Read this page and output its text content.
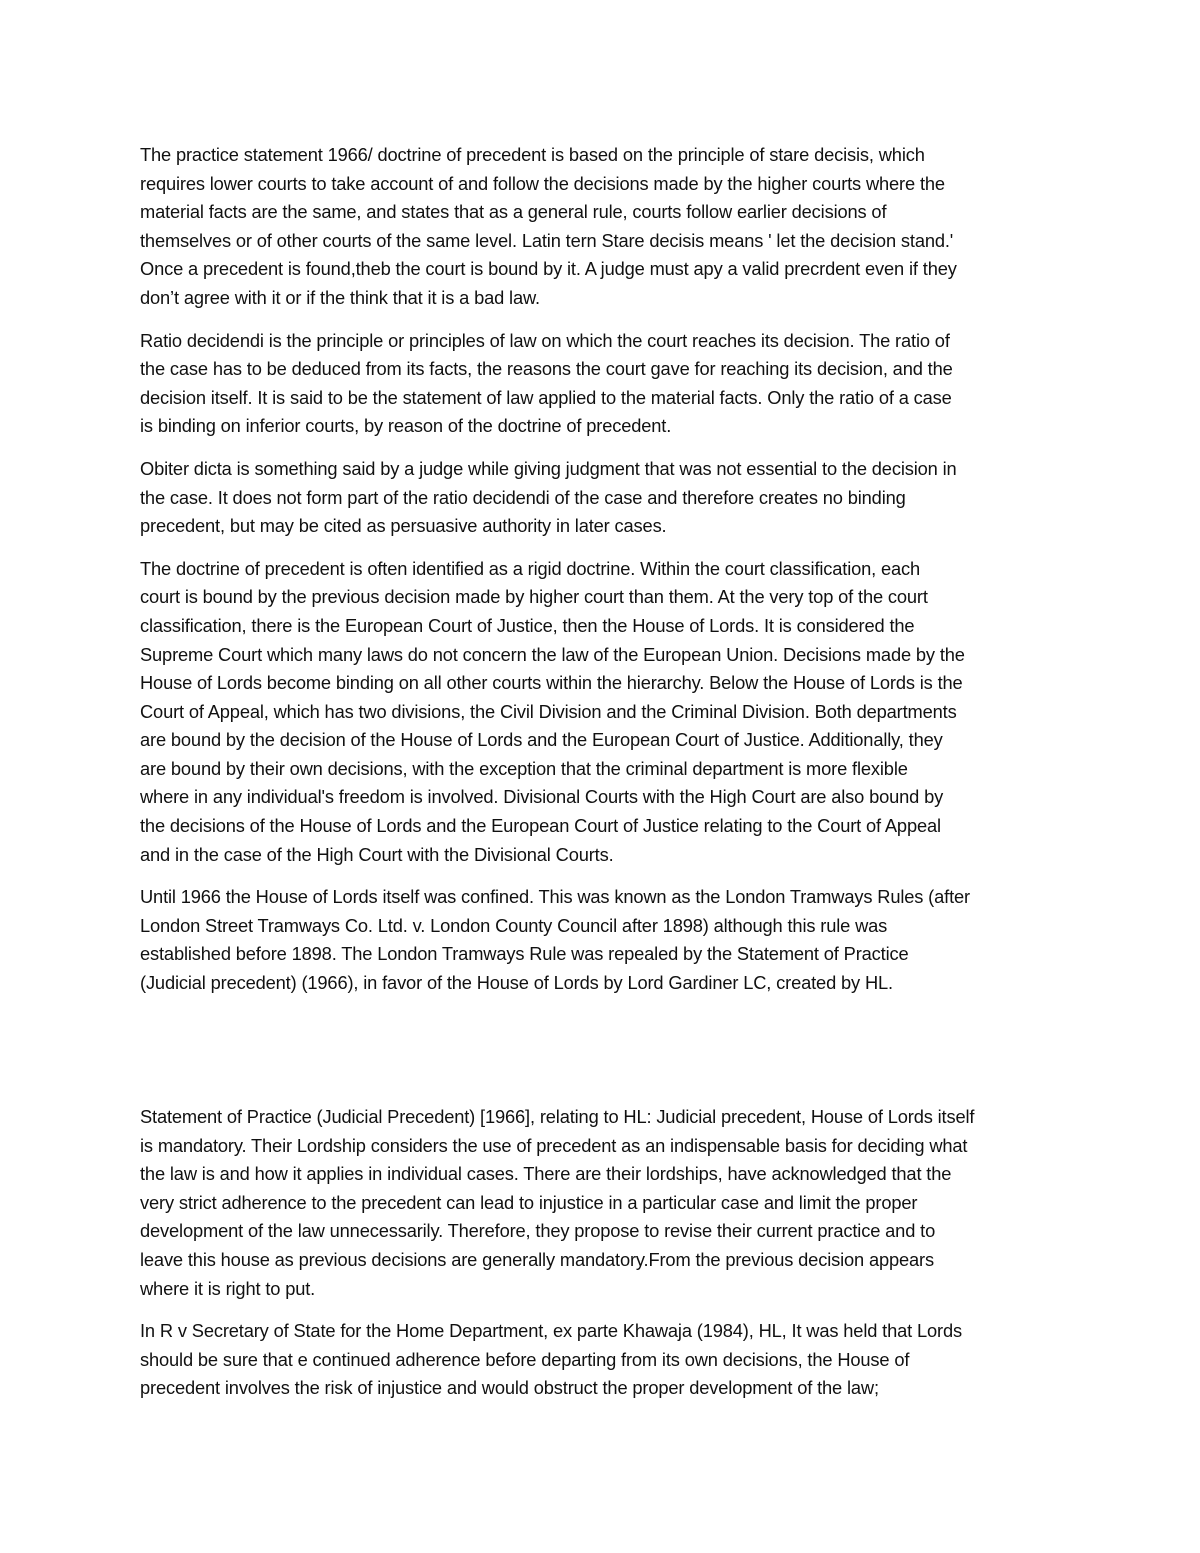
The practice statement 1966/ doctrine of precedent is based on the principle of stare decisis, which

requires lower courts to take account of and follow the decisions made by the higher courts where the

material facts are the same, and states that as a general rule, courts follow earlier decisions of

themselves or of other courts of the same level. Latin tern Stare decisis means ' let the decision stand.'

Once a precedent is found,theb the court is bound by it. A judge must apy a valid precrdent even if they

don’t agree with it or if the think that it is a bad law.

Ratio decidendi is the principle or principles of law on which the court reaches its decision. The ratio of

the case has to be deduced from its facts, the reasons the court gave for reaching its decision, and the

decision itself. It is said to be the statement of law applied to the material facts. Only the ratio of a case

is binding on inferior courts, by reason of the doctrine of precedent.

Obiter dicta is something said by a judge while giving judgment that was not essential to the decision in

the case. It does not form part of the ratio decidendi of the case and therefore creates no binding

precedent, but may be cited as persuasive authority in later cases.

The doctrine of precedent is often identified as a rigid doctrine. Within the court classification, each

court is bound by the previous decision made by higher court than them. At the very top of the court

classification, there is the European Court of Justice, then the House of Lords. It is considered the

Supreme Court which many laws do not concern the law of the European Union. Decisions made by the

House of Lords become binding on all other courts within the hierarchy. Below the House of Lords is the

Court of Appeal, which has two divisions, the Civil Division and the Criminal Division. Both departments

are bound by the decision of the House of Lords and the European Court of Justice. Additionally, they

are bound by their own decisions, with the exception that the criminal department is more flexible

where in any individual's freedom is involved. Divisional Courts with the High Court are also bound by

the decisions of the House of Lords and the European Court of Justice relating to the Court of Appeal

and in the case of the High Court with the Divisional Courts.

Until 1966 the House of Lords itself was confined. This was known as the London Tramways Rules (after

London Street Tramways Co. Ltd. v. London County Council after 1898) although this rule was

established before 1898. The London Tramways Rule was repealed by the Statement of Practice

(Judicial precedent) (1966), in favor of the House of Lords by Lord Gardiner LC, created by HL.

Statement of Practice (Judicial Precedent) [1966], relating to HL: Judicial precedent, House of Lords itself

is mandatory. Their Lordship considers the use of precedent as an indispensable basis for deciding what

the law is and how it applies in individual cases. There are their lordships, have acknowledged that the

very strict adherence to the precedent can lead to injustice in a particular case and limit the proper

development of the law unnecessarily. Therefore, they propose to revise their current practice and to

leave this house as previous decisions are generally mandatory.From the previous decision appears

where it is right to put.

In R v Secretary of State for the Home Department, ex parte Khawaja (1984), HL, It was held that Lords

should be sure that e continued adherence before departing from its own decisions, the House of

precedent involves the risk of injustice and would obstruct the proper development of the law;
